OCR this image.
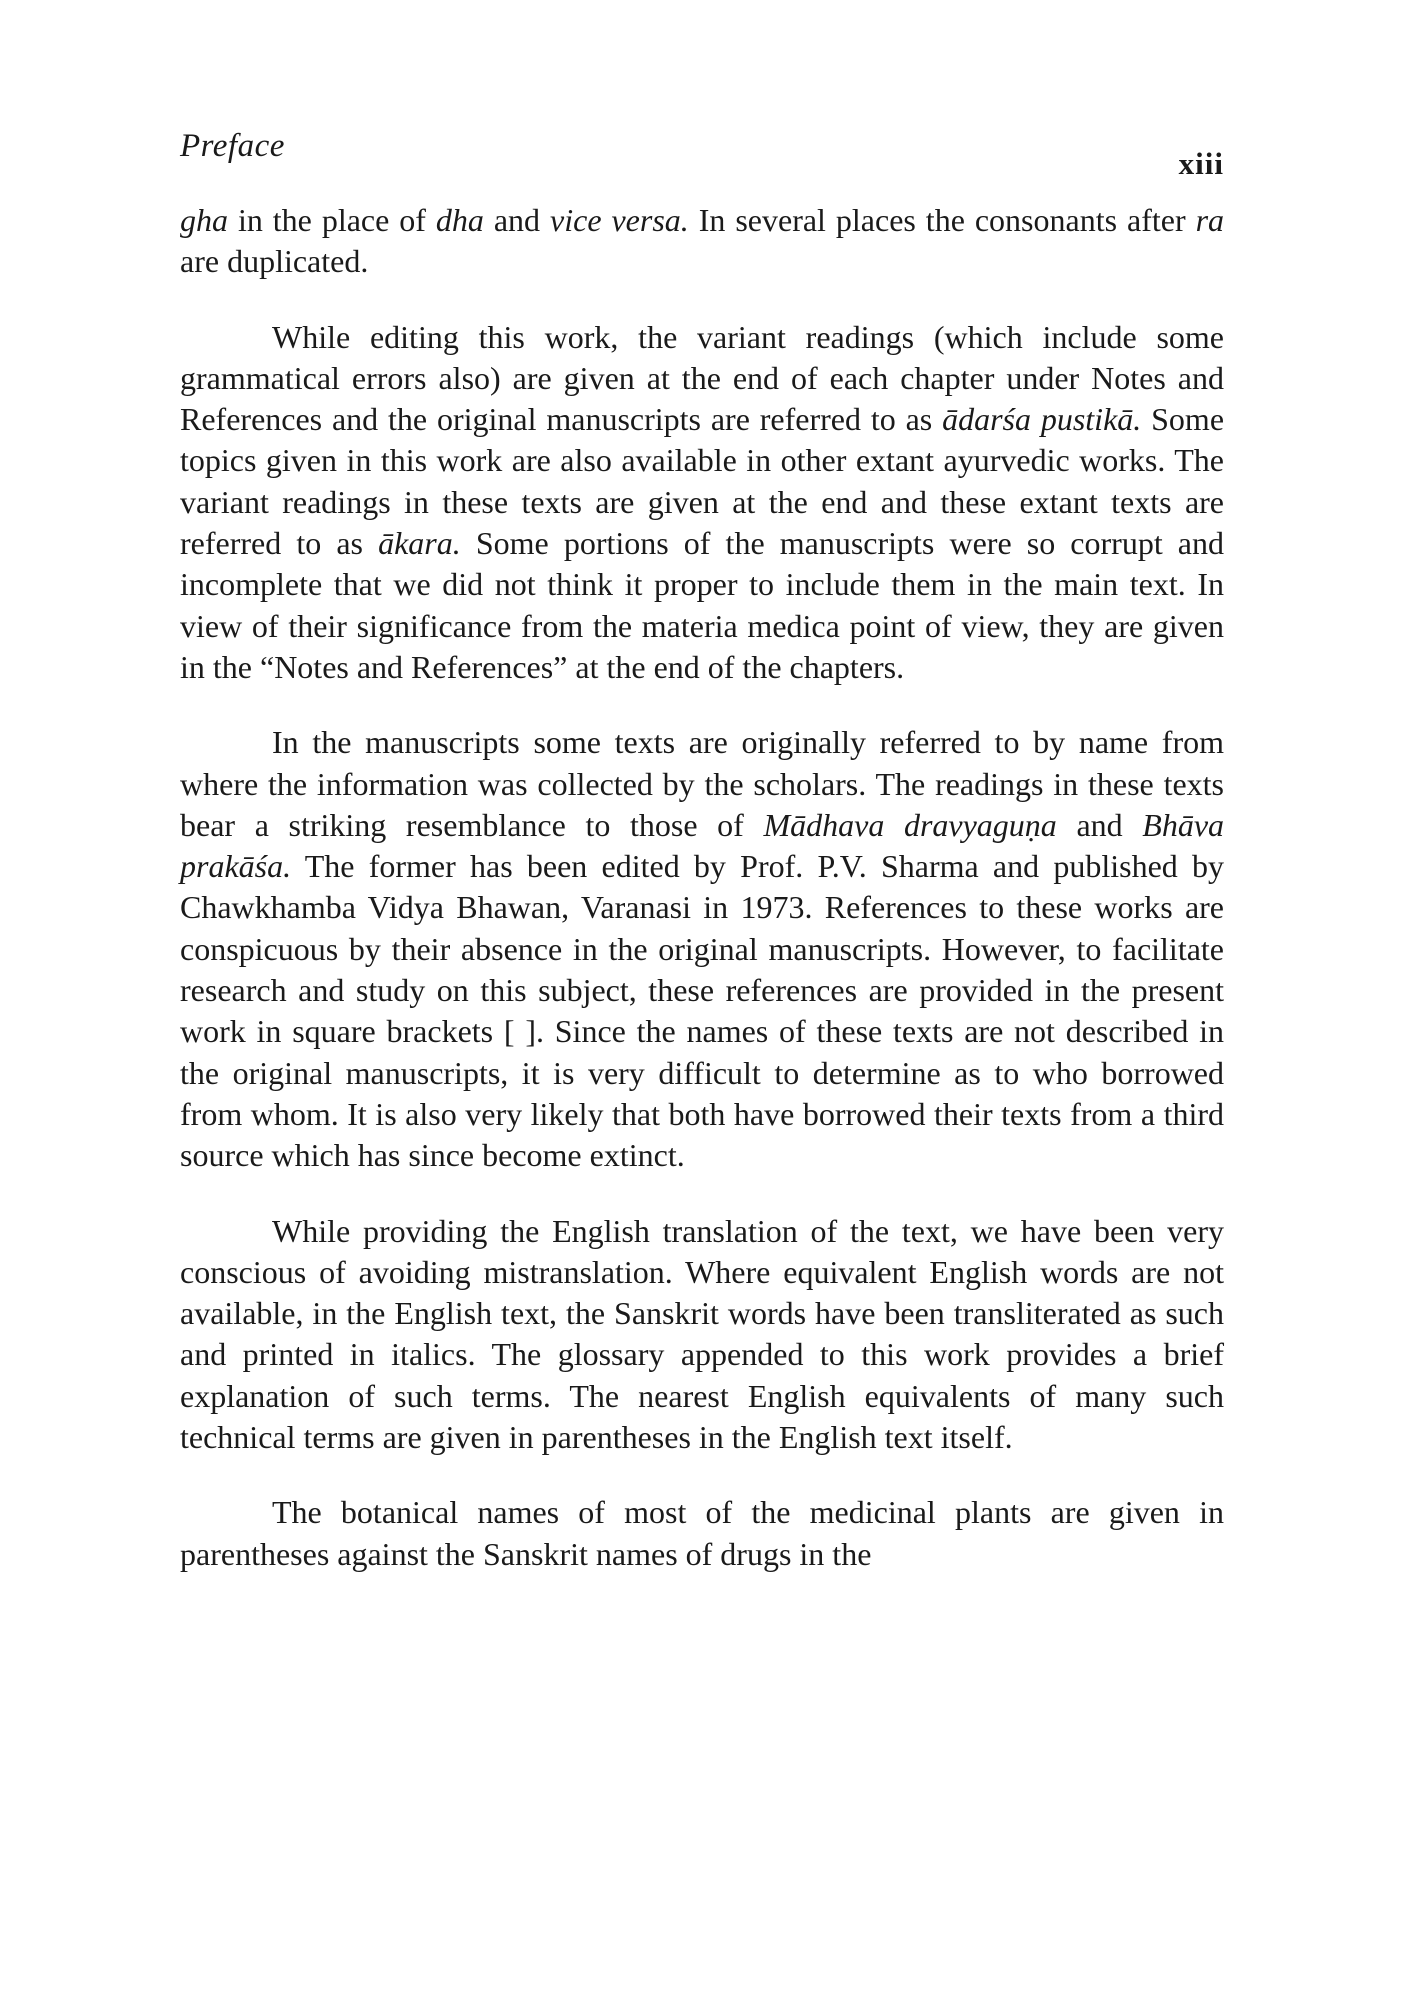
Preface	xiii

gha in the place of dha and vice versa. In several places the consonants after ra are duplicated.

While editing this work, the variant readings (which include some grammatical errors also) are given at the end of each chapter under Notes and References and the original manuscripts are referred to as ādarśa pustikā. Some topics given in this work are also available in other extant ayurvedic works. The variant readings in these texts are given at the end and these extant texts are referred to as ākara. Some portions of the manuscripts were so corrupt and incomplete that we did not think it proper to include them in the main text. In view of their significance from the materia medica point of view, they are given in the “Notes and References” at the end of the chapters.

In the manuscripts some texts are originally referred to by name from where the information was collected by the scholars. The readings in these texts bear a striking resemblance to those of Mādhava dravyaguṇa and Bhāva prakāśa. The former has been edited by Prof. P.V. Sharma and published by Chawkhamba Vidya Bhawan, Varanasi in 1973. References to these works are conspicuous by their absence in the original manuscripts. However, to facilitate research and study on this subject, these references are provided in the present work in square brackets [ ]. Since the names of these texts are not described in the original manuscripts, it is very difficult to determine as to who borrowed from whom. It is also very likely that both have borrowed their texts from a third source which has since become extinct.

While providing the English translation of the text, we have been very conscious of avoiding mistranslation. Where equivalent English words are not available, in the English text, the Sanskrit words have been transliterated as such and printed in italics. The glossary appended to this work provides a brief explanation of such terms. The nearest English equivalents of many such technical terms are given in parentheses in the English text itself.

The botanical names of most of the medicinal plants are given in parentheses against the Sanskrit names of drugs in the
